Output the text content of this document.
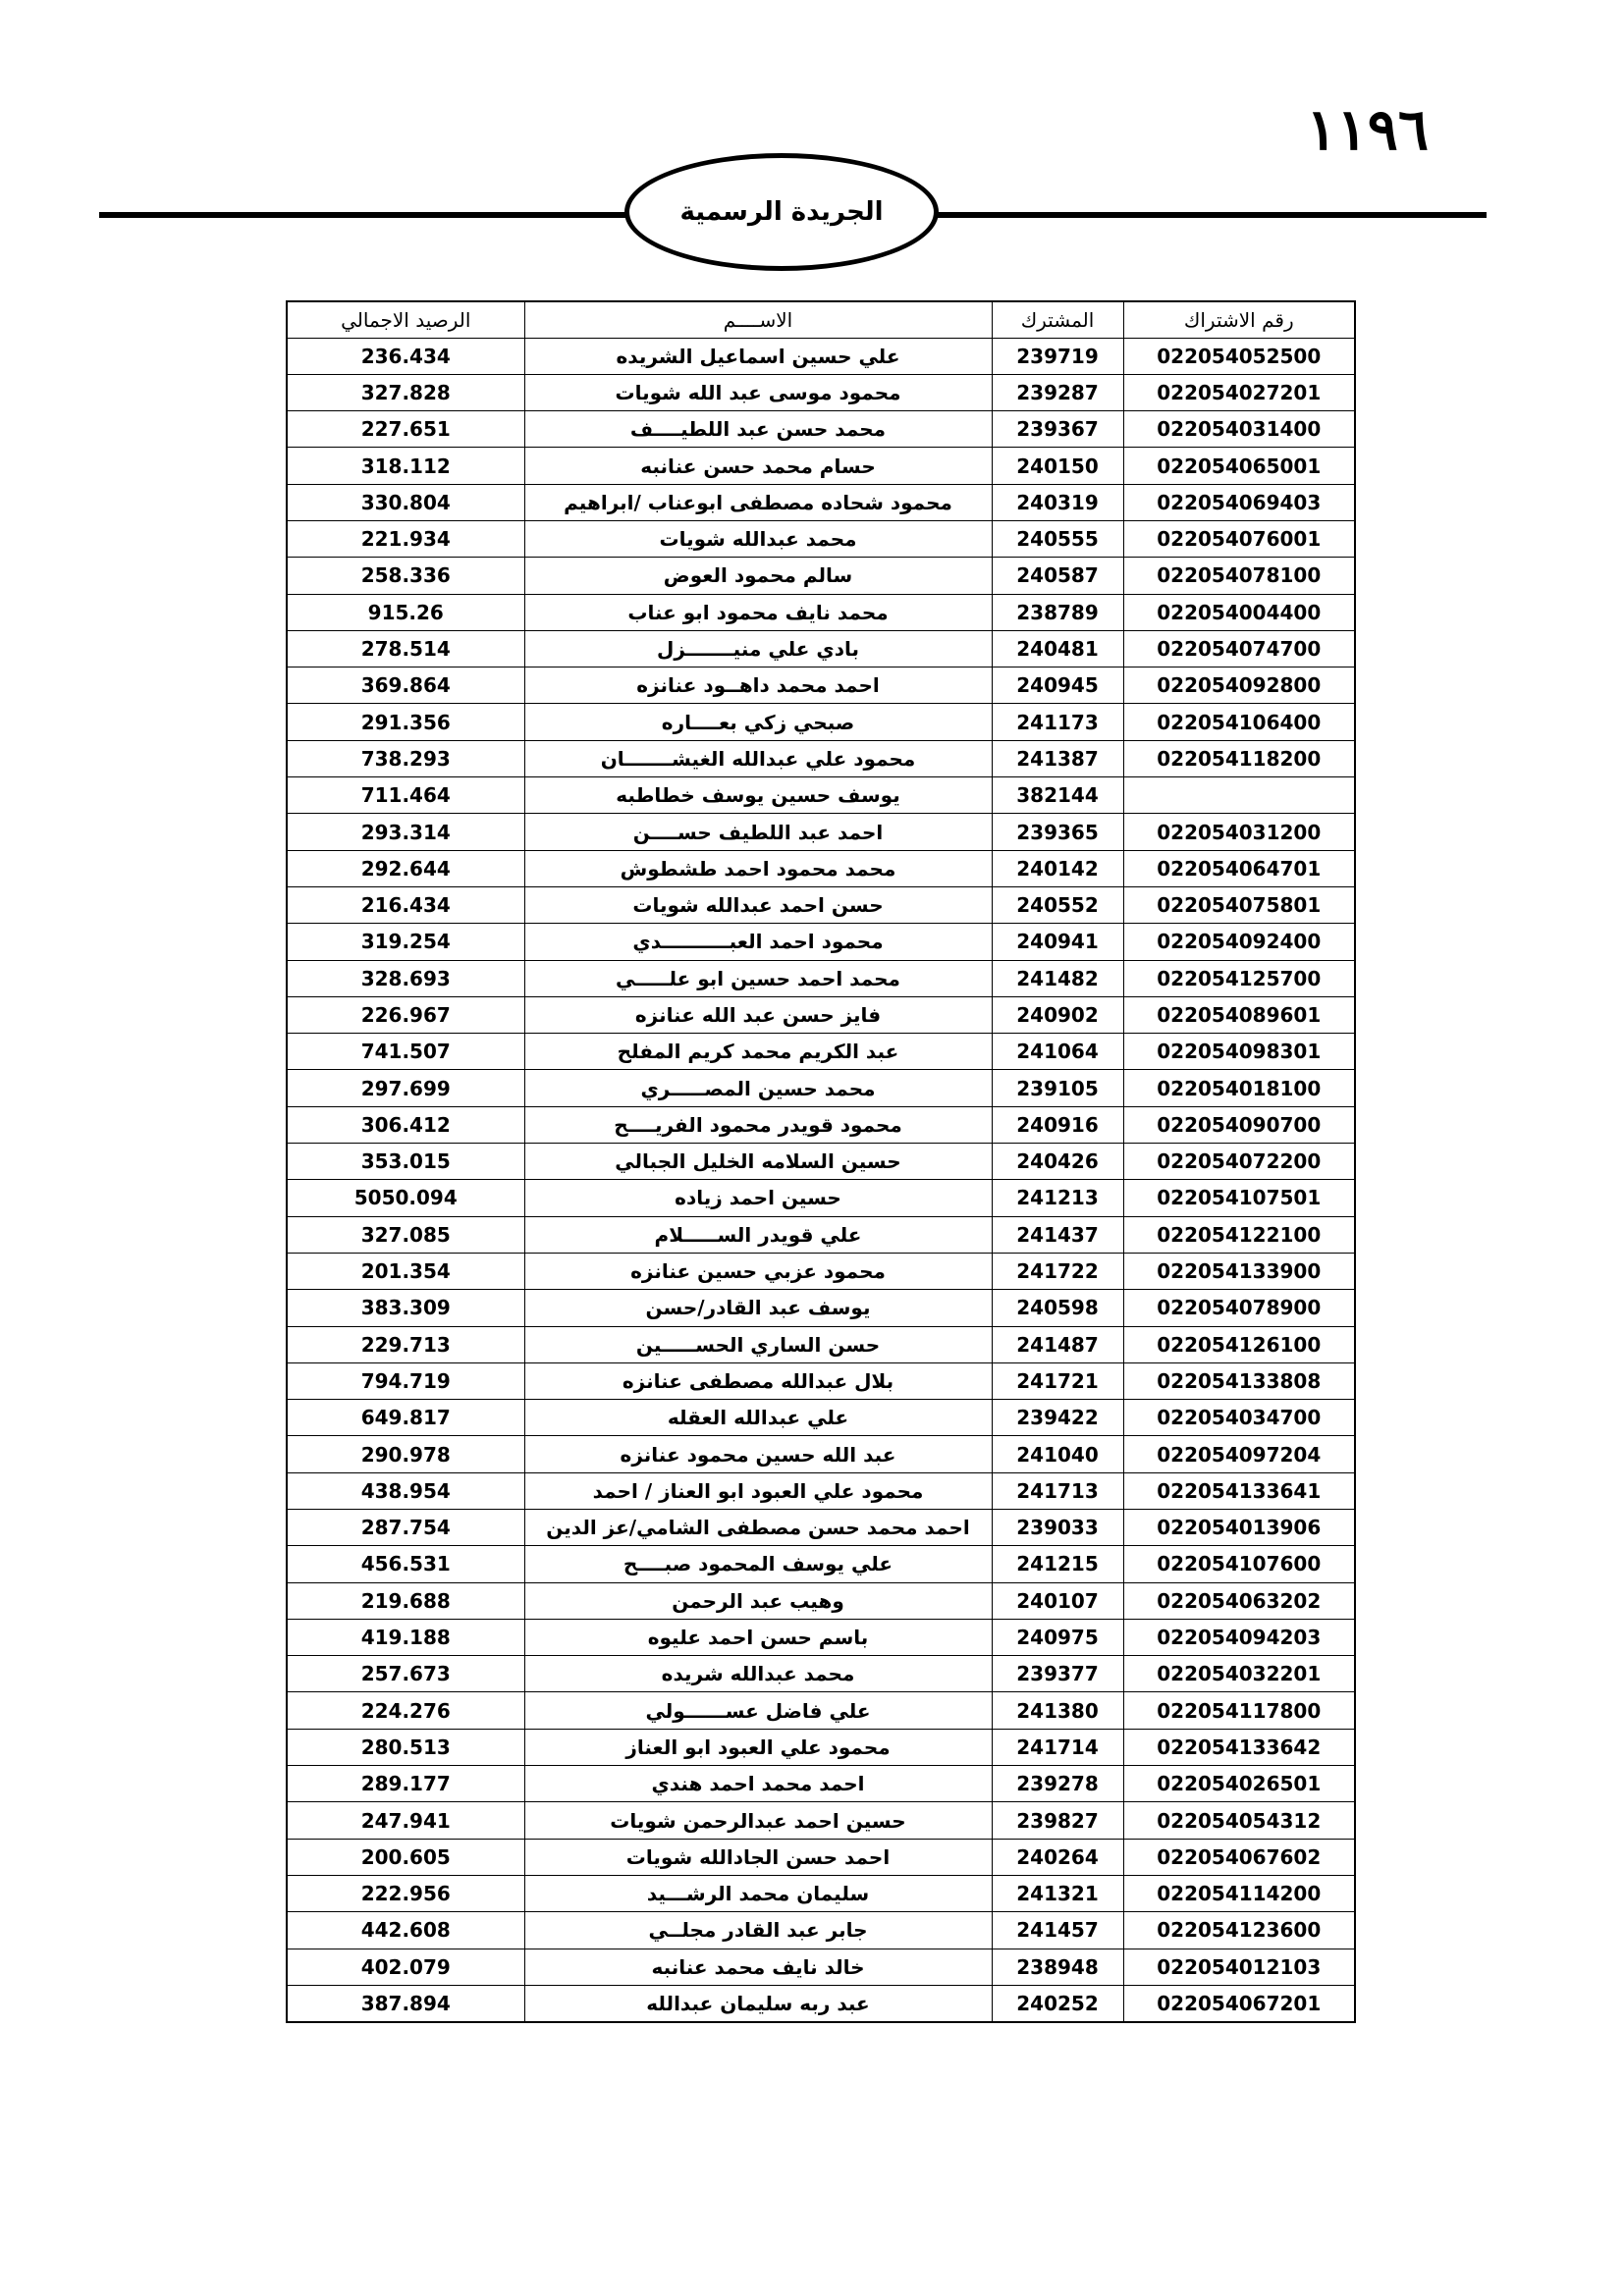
١١٩٦
الجريدة الرسمية
رقم الاشتراك	المشترك	الاســــم	الرصيد الاجمالي
022054052500	239719	علي حسين اسماعيل الشريده	236.434
022054027201	239287	محمود موسى عبد الله شويات	327.828
022054031400	239367	محمد حسن عبد اللطيــــف	227.651
022054065001	240150	حسام محمد حسن عنانبه	318.112
022054069403	240319	محمود شحاده مصطفى ابوعناب /ابراهيم	330.804
022054076001	240555	محمد عبدالله شويات	221.934
022054078100	240587	سالم محمود العوض	258.336
022054004400	238789	محمد نايف محمود ابو عناب	915.26
022054074700	240481	بادي علي منيـــــــزل	278.514
022054092800	240945	احمد محمد داهــود عنانزه	369.864
022054106400	241173	صبحي زكي بعــــاره	291.356
022054118200	241387	محمود علي عبدالله الغيشـــــــان	738.293
	382144	يوسف حسين يوسف خطاطبه	711.464
022054031200	239365	احمد عبد اللطيف حســــن	293.314
022054064701	240142	محمد محمود احمد طشطوش	292.644
022054075801	240552	حسن احمد عبدالله شويات	216.434
022054092400	240941	محمود احمد العبــــــــــدي	319.254
022054125700	241482	محمد احمد حسين ابو علـــــي	328.693
022054089601	240902	فايز حسن عبد الله عنانزه	226.967
022054098301	241064	عبد الكريم محمد كريم المفلح	741.507
022054018100	239105	محمد حسين المصـــــري	297.699
022054090700	240916	محمود قويدر محمود الفريــــح	306.412
022054072200	240426	حسين السلامه الخليل الجبالي	353.015
022054107501	241213	حسين احمد زياده	5050.094
022054122100	241437	علي قويدر الســـــلام	327.085
022054133900	241722	محمود عزبي حسين عنانزه	201.354
022054078900	240598	يوسف عبد القادر/حسن	383.309
022054126100	241487	حسن الساري الحســـــين	229.713
022054133808	241721	بلال عبدالله مصطفى عنانزه	794.719
022054034700	239422	علي عبدالله العقله	649.817
022054097204	241040	عبد الله حسين محمود عنانزه	290.978
022054133641	241713	محمود علي العبود ابو العناز / احمد	438.954
022054013906	239033	احمد محمد حسن مصطفى الشامي/عز الدين	287.754
022054107600	241215	علي يوسف المحمود صبــــح	456.531
022054063202	240107	وهيب عبد الرحمن	219.688
022054094203	240975	باسم حسن احمد عليوه	419.188
022054032201	239377	محمد عبدالله شريده	257.673
022054117800	241380	علي فاضل عســــــولي	224.276
022054133642	241714	محمود علي العبود ابو العناز	280.513
022054026501	239278	احمد محمد احمد هندي	289.177
022054054312	239827	حسين احمد عبدالرحمن شويات	247.941
022054067602	240264	احمد حسن الجادالله شويات	200.605
022054114200	241321	سليمان محمد الرشـــيد	222.956
022054123600	241457	جابر عبد القادر مجلــي	442.608
022054012103	238948	خالد نايف محمد عنانبه	402.079
022054067201	240252	عبد ربه سليمان عبدالله	387.894
